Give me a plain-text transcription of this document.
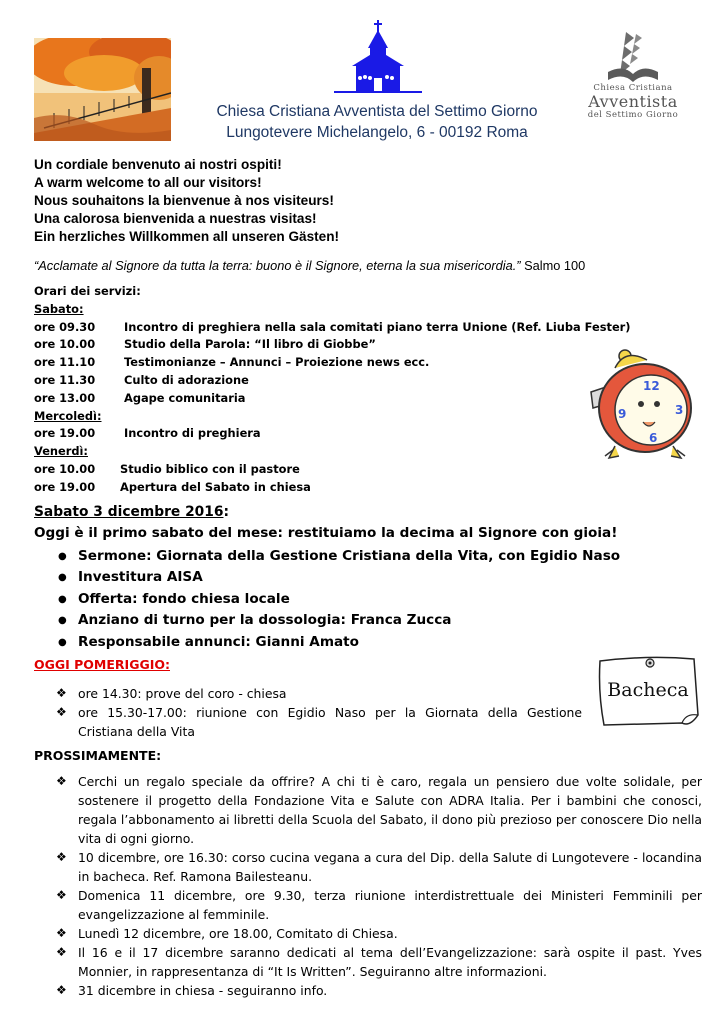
Chiesa Cristiana Avventista del Settimo Giorno
Lungotevere Michelangelo, 6 - 00192 Roma
Chiesa Cristiana
Avventista
del Settimo Giorno
Un cordiale benvenuto ai nostri ospiti!
A warm welcome to all our visitors!
Nous souhaitons la bienvenue à nos visiteurs!
Una calorosa bienvenida a nuestras visitas!
Ein herzliches Willkommen all unseren Gästen!
“Acclamate al Signore da tutta la terra: buono è il Signore, eterna la sua misericordia.” Salmo 100
Orari dei servizi:
Sabato:
ore 09.30	Incontro di preghiera nella sala comitati piano terra Unione (Ref. Liuba Fester)
ore 10.00	Studio della Parola: “Il libro di Giobbe”
ore 11.10	Testimonianze – Annunci – Proiezione news ecc.
ore 11.30	Culto di adorazione
ore 13.00	Agape comunitaria
Mercoledì:
ore 19.00	Incontro di preghiera
Venerdì:
ore 10.00	Studio biblico con il pastore
ore 19.00	Apertura del Sabato in chiesa
12
3
6
9
Sabato 3 dicembre 2016:
Oggi è il primo sabato del mese: restituiamo la decima al Signore con gioia!
● Sermone: Giornata della Gestione Cristiana della Vita, con Egidio Naso
● Investitura AISA
● Offerta: fondo chiesa locale
● Anziano di turno per la dossologia: Franca Zucca
● Responsabile annunci: Gianni Amato
OGGI POMERIGGIO:
❖ ore 14.30: prove del coro - chiesa
❖ ore 15.30-17.00: riunione con Egidio Naso per la Giornata della Gestione Cristiana della Vita
Bacheca
PROSSIMAMENTE:
❖ Cerchi un regalo speciale da offrire? A chi ti è caro, regala un pensiero due volte solidale, per sostenere il progetto della Fondazione Vita e Salute con ADRA Italia. Per i bambini che conosci, regala l’abbonamento ai libretti della Scuola del Sabato, il dono più prezioso per conoscere Dio nella vita di ogni giorno.
❖ 10 dicembre, ore 16.30: corso cucina vegana a cura del Dip. della Salute di Lungotevere - locandina in bacheca. Ref. Ramona Bailesteanu.
❖ Domenica 11 dicembre, ore 9.30, terza riunione interdistrettuale dei Ministeri Femminili per evangelizzazione al femminile.
❖ Lunedì 12 dicembre, ore 18.00, Comitato di Chiesa.
❖ Il 16 e il 17 dicembre saranno dedicati al tema dell’Evangelizzazione: sarà ospite il past. Yves Monnier, in rappresentanza di “It Is Written”. Seguiranno altre informazioni.
❖ 31 dicembre in chiesa - seguiranno info.
